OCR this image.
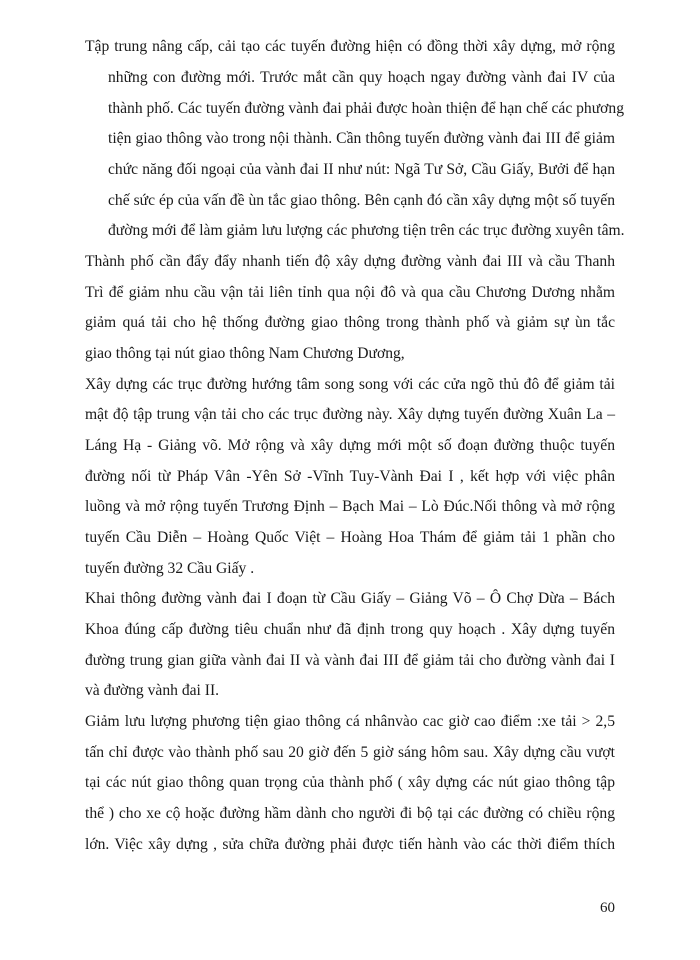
Tập trung nâng cấp, cải tạo các tuyến đường hiện có đồng thời xây dựng, mở rộng
những con đường mới. Trước mắt cần quy hoạch ngay đường vành đai IV của
thành phố. Các tuyến đường vành đai phải được hoàn thiện để hạn chế các phương
tiện giao thông vào trong nội thành. Cần thông tuyến đường vành đai III để giảm
chức năng đối ngoại của vành đai II như nút: Ngã Tư Sở, Cầu Giấy, Bưởi để hạn
chế sức ép của vấn đề ùn tắc giao thông. Bên cạnh đó cần xây dựng một số tuyến
đường mới để làm giảm lưu lượng các phương tiện trên các trục đường xuyên tâm.
Thành phố cần đẩy đẩy nhanh tiến độ xây dựng đường vành đai III và cầu Thanh
Trì để giảm nhu cầu vận tải liên tỉnh qua nội đô và qua cầu Chương Dương nhằm
giảm quá tải cho hệ thống đường giao thông trong thành phố và giảm sự ùn tắc
giao thông tại nút giao thông Nam Chương Dương,
Xây dựng các trục đường hướng tâm song song với các cửa ngõ thủ đô để giảm tải
mật độ tập trung vận tải cho các trục đường này. Xây dựng tuyến đường Xuân La –
Láng Hạ - Giảng võ. Mở rộng và xây dựng mới một số đoạn đường thuộc tuyến
đường nối từ Pháp Vân -Yên Sở -Vĩnh Tuy-Vành Đai I , kết hợp với việc phân
luồng và mở rộng tuyến Trương Định – Bạch Mai – Lò Đúc.Nối thông và mở rộng
tuyến Cầu Diễn – Hoàng Quốc Việt – Hoàng Hoa Thám để giảm tải 1 phần cho
tuyến đường 32 Cầu Giấy .
Khai thông đường vành đai I đoạn từ Cầu Giấy – Giảng Võ – Ô Chợ Dừa – Bách
Khoa đúng cấp đường tiêu chuẩn như đã định trong quy hoạch . Xây dựng tuyến
đường trung gian giữa vành đai II và vành đai III để giảm tải cho đường vành đai I
và đường vành đai II.
Giảm lưu lượng phương tiện giao thông cá nhânvào cac giờ cao điểm :xe tải > 2,5
tấn chỉ được vào thành phố sau 20 giờ đến 5 giờ sáng hôm sau. Xây dựng cầu vượt
tại các nút giao thông quan trọng của thành phố ( xây dựng các nút giao thông tập
thể ) cho xe cộ hoặc đường hầm dành cho người đi bộ tại các đường có chiều rộng
lớn. Việc xây dựng , sửa chữa đường phải được tiến hành vào các thời điểm thích
60
